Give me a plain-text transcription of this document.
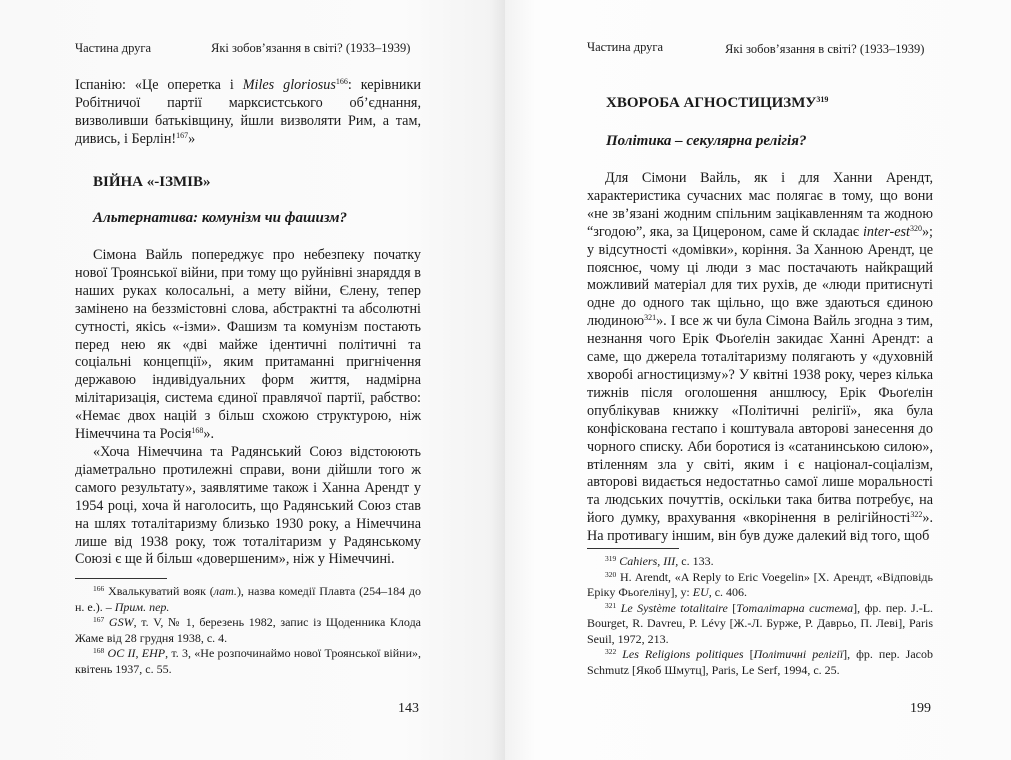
Частина друга	Які зобов’язання в світі? (1933–1939)

Іспанію: «Це оперетка і Miles gloriosus$^{166}$: керівники Робітничої партії марксистського об’єднання, визволивши батьківщину, йшли визволяти Рим, а там, дивись, і Берлін!$^{167}$»

ВІЙНА «-ІЗМІВ»

Альтернатива: комунізм чи фашизм?

Сімона Вайль попереджує про небезпеку початку нової Троянської війни, при тому що руйнівні знаряддя в наших руках колосальні, а мету війни, Єлену, тепер замінено на беззмістовні слова, абстрактні та абсолютні сутності, якісь «-ізми». Фашизм та комунізм постають перед нею як «дві майже ідентичні політичні та соціальні концепції», яким притаманні пригнічення державою індивідуальних форм життя, надмірна мілітаризація, система єдиної правлячої партії, рабство: «Немає двох націй з більш схожою структурою, ніж Німеччина та Росія$^{168}$».

«Хоча Німеччина та Радянський Союз відстоюють діаметрально протилежні справи, вони дійшли того ж самого результату», заявлятиме також і Ханна Арендт у 1954 році, хоча й наголосить, що Радянський Союз став на шлях тоталітаризму близько 1930 року, а Німеччина лише від 1938 року, тож тоталітаризм у Радянському Союзі є ще й більш «довершеним», ніж у Німеччині.

$^{166}$ Хвалькуватий вояк (лат.), назва комедії Плавта (254–184 до н. е.). – Прим. пер.

$^{167}$ GSW, т. V, № 1, березень 1982, запис із Щоденника Клода Жаме від 28 грудня 1938, с. 4.

$^{168}$ OC II, EHP, т. 3, «Не розпочинаймо нової Троянської війни», квітень 1937, с. 55.

143
Частина друга	Які зобов’язання в світі? (1933–1939)

ХВОРОБА АГНОСТИЦИЗМУ$^{319}$

Політика – секулярна релігія?

Для Сімони Вайль, як і для Ханни Арендт, характеристика сучасних мас полягає в тому, що вони «не зв’язані жодним спільним зацікавленням та жодною “згодою”, яка, за Цицероном, саме й складає inter-est$^{320}$»; у відсутності «домівки», коріння. За Ханною Арендт, це пояснює, чому ці люди з мас постачають найкращий можливий матеріал для тих рухів, де «люди притиснуті одне до одного так щільно, що вже здаються єдиною людиною$^{321}$». І все ж чи була Сімона Вайль згодна з тим, незнання чого Ерік Фьоґелін закидає Ханні Арендт: а саме, що джерела тоталітаризму полягають у «духовній хворобі агностицизму»? У квітні 1938 року, через кілька тижнів після оголошення аншлюсу, Ерік Фьоґелін опублікував книжку «Політичні релігії», яка була конфіскована гестапо і коштувала авторові занесення до чорного списку. Аби боротися із «сатанинською силою», втіленням зла у світі, яким і є націонал-соціалізм, авторові видається недостатньо самої лише моральності та людських почуттів, оскільки така битва потребує, на його думку, врахування «вкорінення в релігійності$^{322}$». На противагу іншим, він був дуже далекий від того, щоб

$^{319}$ Cahiers, III, с. 133.

$^{320}$ H. Arendt, «A Reply to Eric Voegelin» [Х. Арендт, «Відповідь Еріку Фьоґеліну], у: EU, с. 406.

$^{321}$ Le Système totalitaire [Тоталітарна система], фр. пер. J.-L. Bourget, R. Davreu, P. Lévy [Ж.-Л. Бурже, Р. Даврьо, П. Леві], Paris Seuil, 1972, 213.

$^{322}$ Les Religions politiques [Політичні релігії], фр. пер. Jacob Schmutz [Якоб Шмутц], Paris, Le Serf, 1994, с. 25.

199
